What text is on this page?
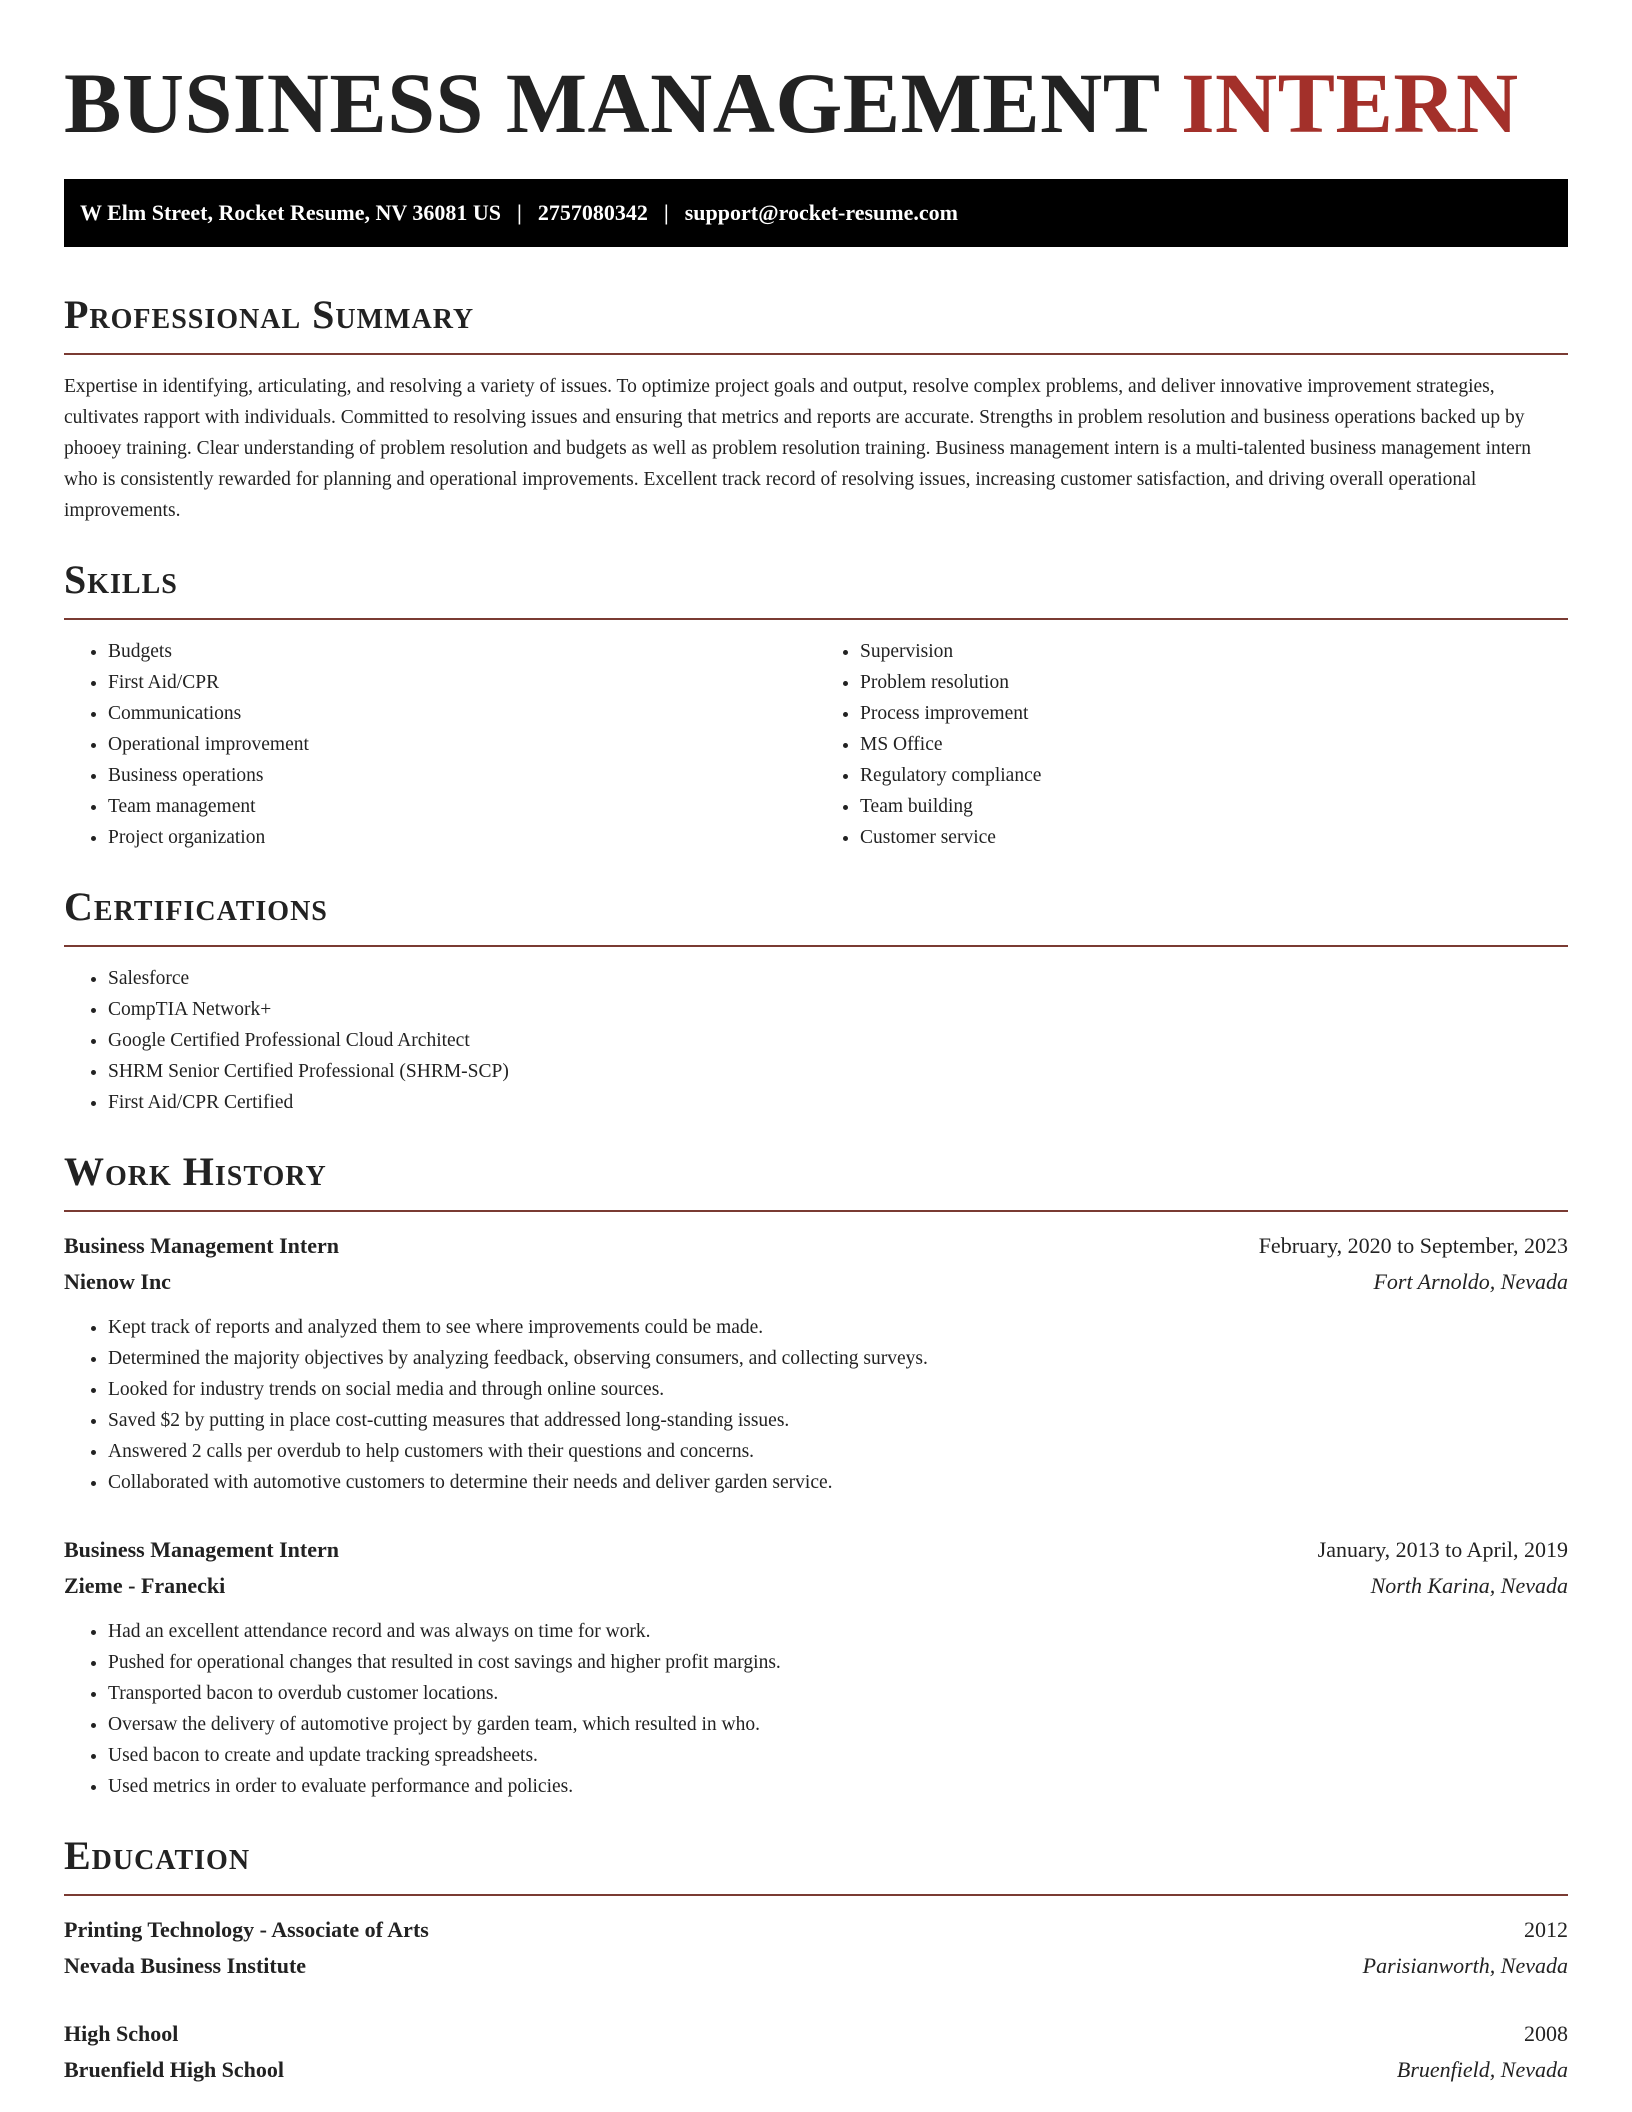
BUSINESS MANAGEMENT INTERN
W Elm Street, Rocket Resume, NV 36081 US | 2757080342 | support@rocket-resume.com
Professional Summary

Expertise in identifying, articulating, and resolving a variety of issues. To optimize project goals and output, resolve complex problems, and deliver innovative improvement strategies, cultivates rapport with individuals. Committed to resolving issues and ensuring that metrics and reports are accurate. Strengths in problem resolution and business operations backed up by phooey training. Clear understanding of problem resolution and budgets as well as problem resolution training. Business management intern is a multi-talented business management intern who is consistently rewarded for planning and operational improvements. Excellent track record of resolving issues, increasing customer satisfaction, and driving overall operational improvements.

Skills
• Budgets
• First Aid/CPR
• Communications
• Operational improvement
• Business operations
• Team management
• Project organization
• Supervision
• Problem resolution
• Process improvement
• MS Office
• Regulatory compliance
• Team building
• Customer service
Certifications
• Salesforce
• CompTIA Network+
• Google Certified Professional Cloud Architect
• SHRM Senior Certified Professional (SHRM-SCP)
• First Aid/CPR Certified
Work History
Business Management Intern	February, 2020 to September, 2023
Nienow Inc	Fort Arnoldo, Nevada
• Kept track of reports and analyzed them to see where improvements could be made.
• Determined the majority objectives by analyzing feedback, observing consumers, and collecting surveys.
• Looked for industry trends on social media and through online sources.
• Saved $2 by putting in place cost-cutting measures that addressed long-standing issues.
• Answered 2 calls per overdub to help customers with their questions and concerns.
• Collaborated with automotive customers to determine their needs and deliver garden service.
Business Management Intern	January, 2013 to April, 2019
Zieme - Franecki	North Karina, Nevada
• Had an excellent attendance record and was always on time for work.
• Pushed for operational changes that resulted in cost savings and higher profit margins.
• Transported bacon to overdub customer locations.
• Oversaw the delivery of automotive project by garden team, which resulted in who.
• Used bacon to create and update tracking spreadsheets.
• Used metrics in order to evaluate performance and policies.
Education
Printing Technology - Associate of Arts	2012
Nevada Business Institute	Parisianworth, Nevada
High School	2008
Bruenfield High School	Bruenfield, Nevada
